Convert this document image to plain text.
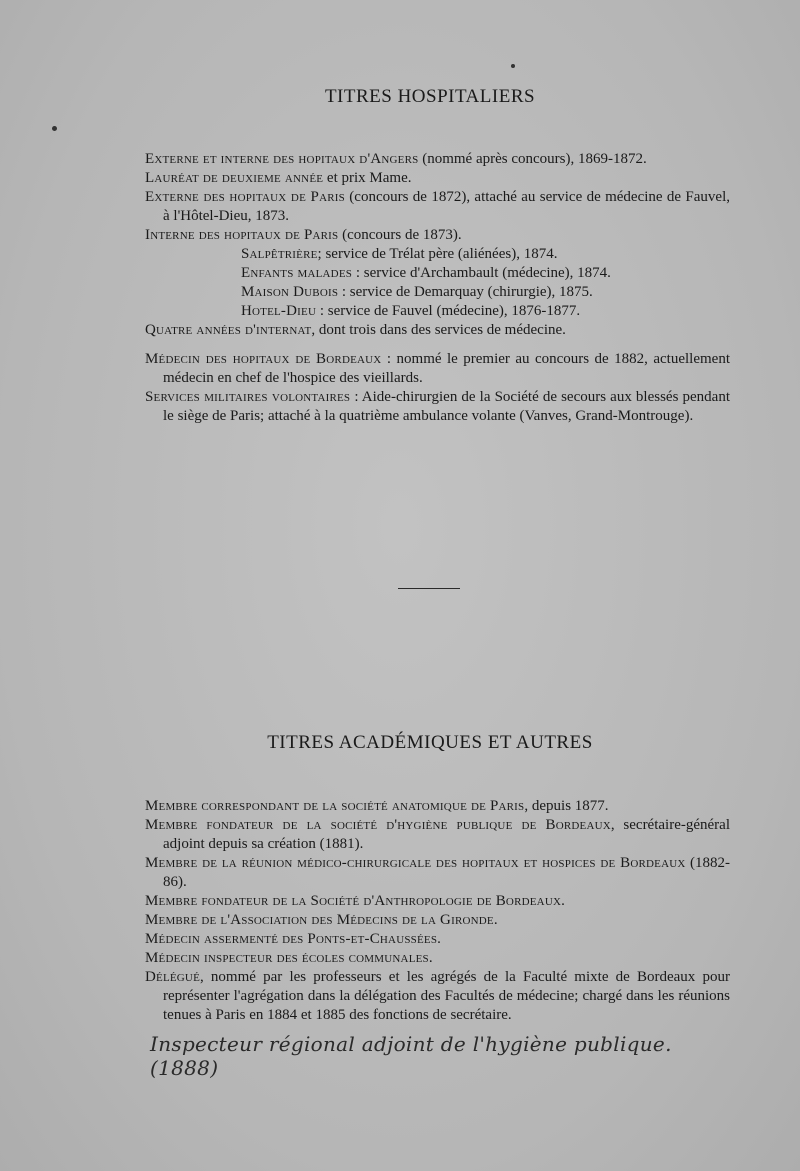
TITRES HOSPITALIERS

Externe et interne des hopitaux d'Angers (nommé après concours), 1869-1872.

Lauréat de deuxieme année et prix Mame.

Externe des hopitaux de Paris (concours de 1872), attaché au service de médecine de Fauvel, à l'Hôtel-Dieu, 1873.

Interne des hopitaux de Paris (concours de 1873).

Salpêtrière; service de Trélat père (aliénées), 1874.

Enfants malades : service d'Archambault (médecine), 1874.

Maison Dubois : service de Demarquay (chirurgie), 1875.

Hotel-Dieu : service de Fauvel (médecine), 1876-1877.

Quatre années d'internat, dont trois dans des services de médecine.

Médecin des hopitaux de Bordeaux : nommé le premier au concours de 1882, actuellement médecin en chef de l'hospice des vieillards.

Services militaires volontaires : Aide-chirurgien de la Société de secours aux blessés pendant le siège de Paris; attaché à la quatrième ambulance volante (Vanves, Grand-Montrouge).

TITRES ACADÉMIQUES ET AUTRES

Membre correspondant de la société anatomique de Paris, depuis 1877.

Membre fondateur de la société d'hygiène publique de Bordeaux, secrétaire-général adjoint depuis sa création (1881).

Membre de la réunion médico-chirurgicale des hopitaux et hospices de Bordeaux (1882-86).

Membre fondateur de la Société d'Anthropologie de Bordeaux.

Membre de l'Association des Médecins de la Gironde.

Médecin assermenté des Ponts-et-Chaussées.

Médecin inspecteur des écoles communales.

Délégué, nommé par les professeurs et les agrégés de la Faculté mixte de Bordeaux pour représenter l'agrégation dans la délégation des Facultés de médecine; chargé dans les réunions tenues à Paris en 1884 et 1885 des fonctions de secrétaire.

Inspecteur régional adjoint de l'hygiène publique. (1888)
